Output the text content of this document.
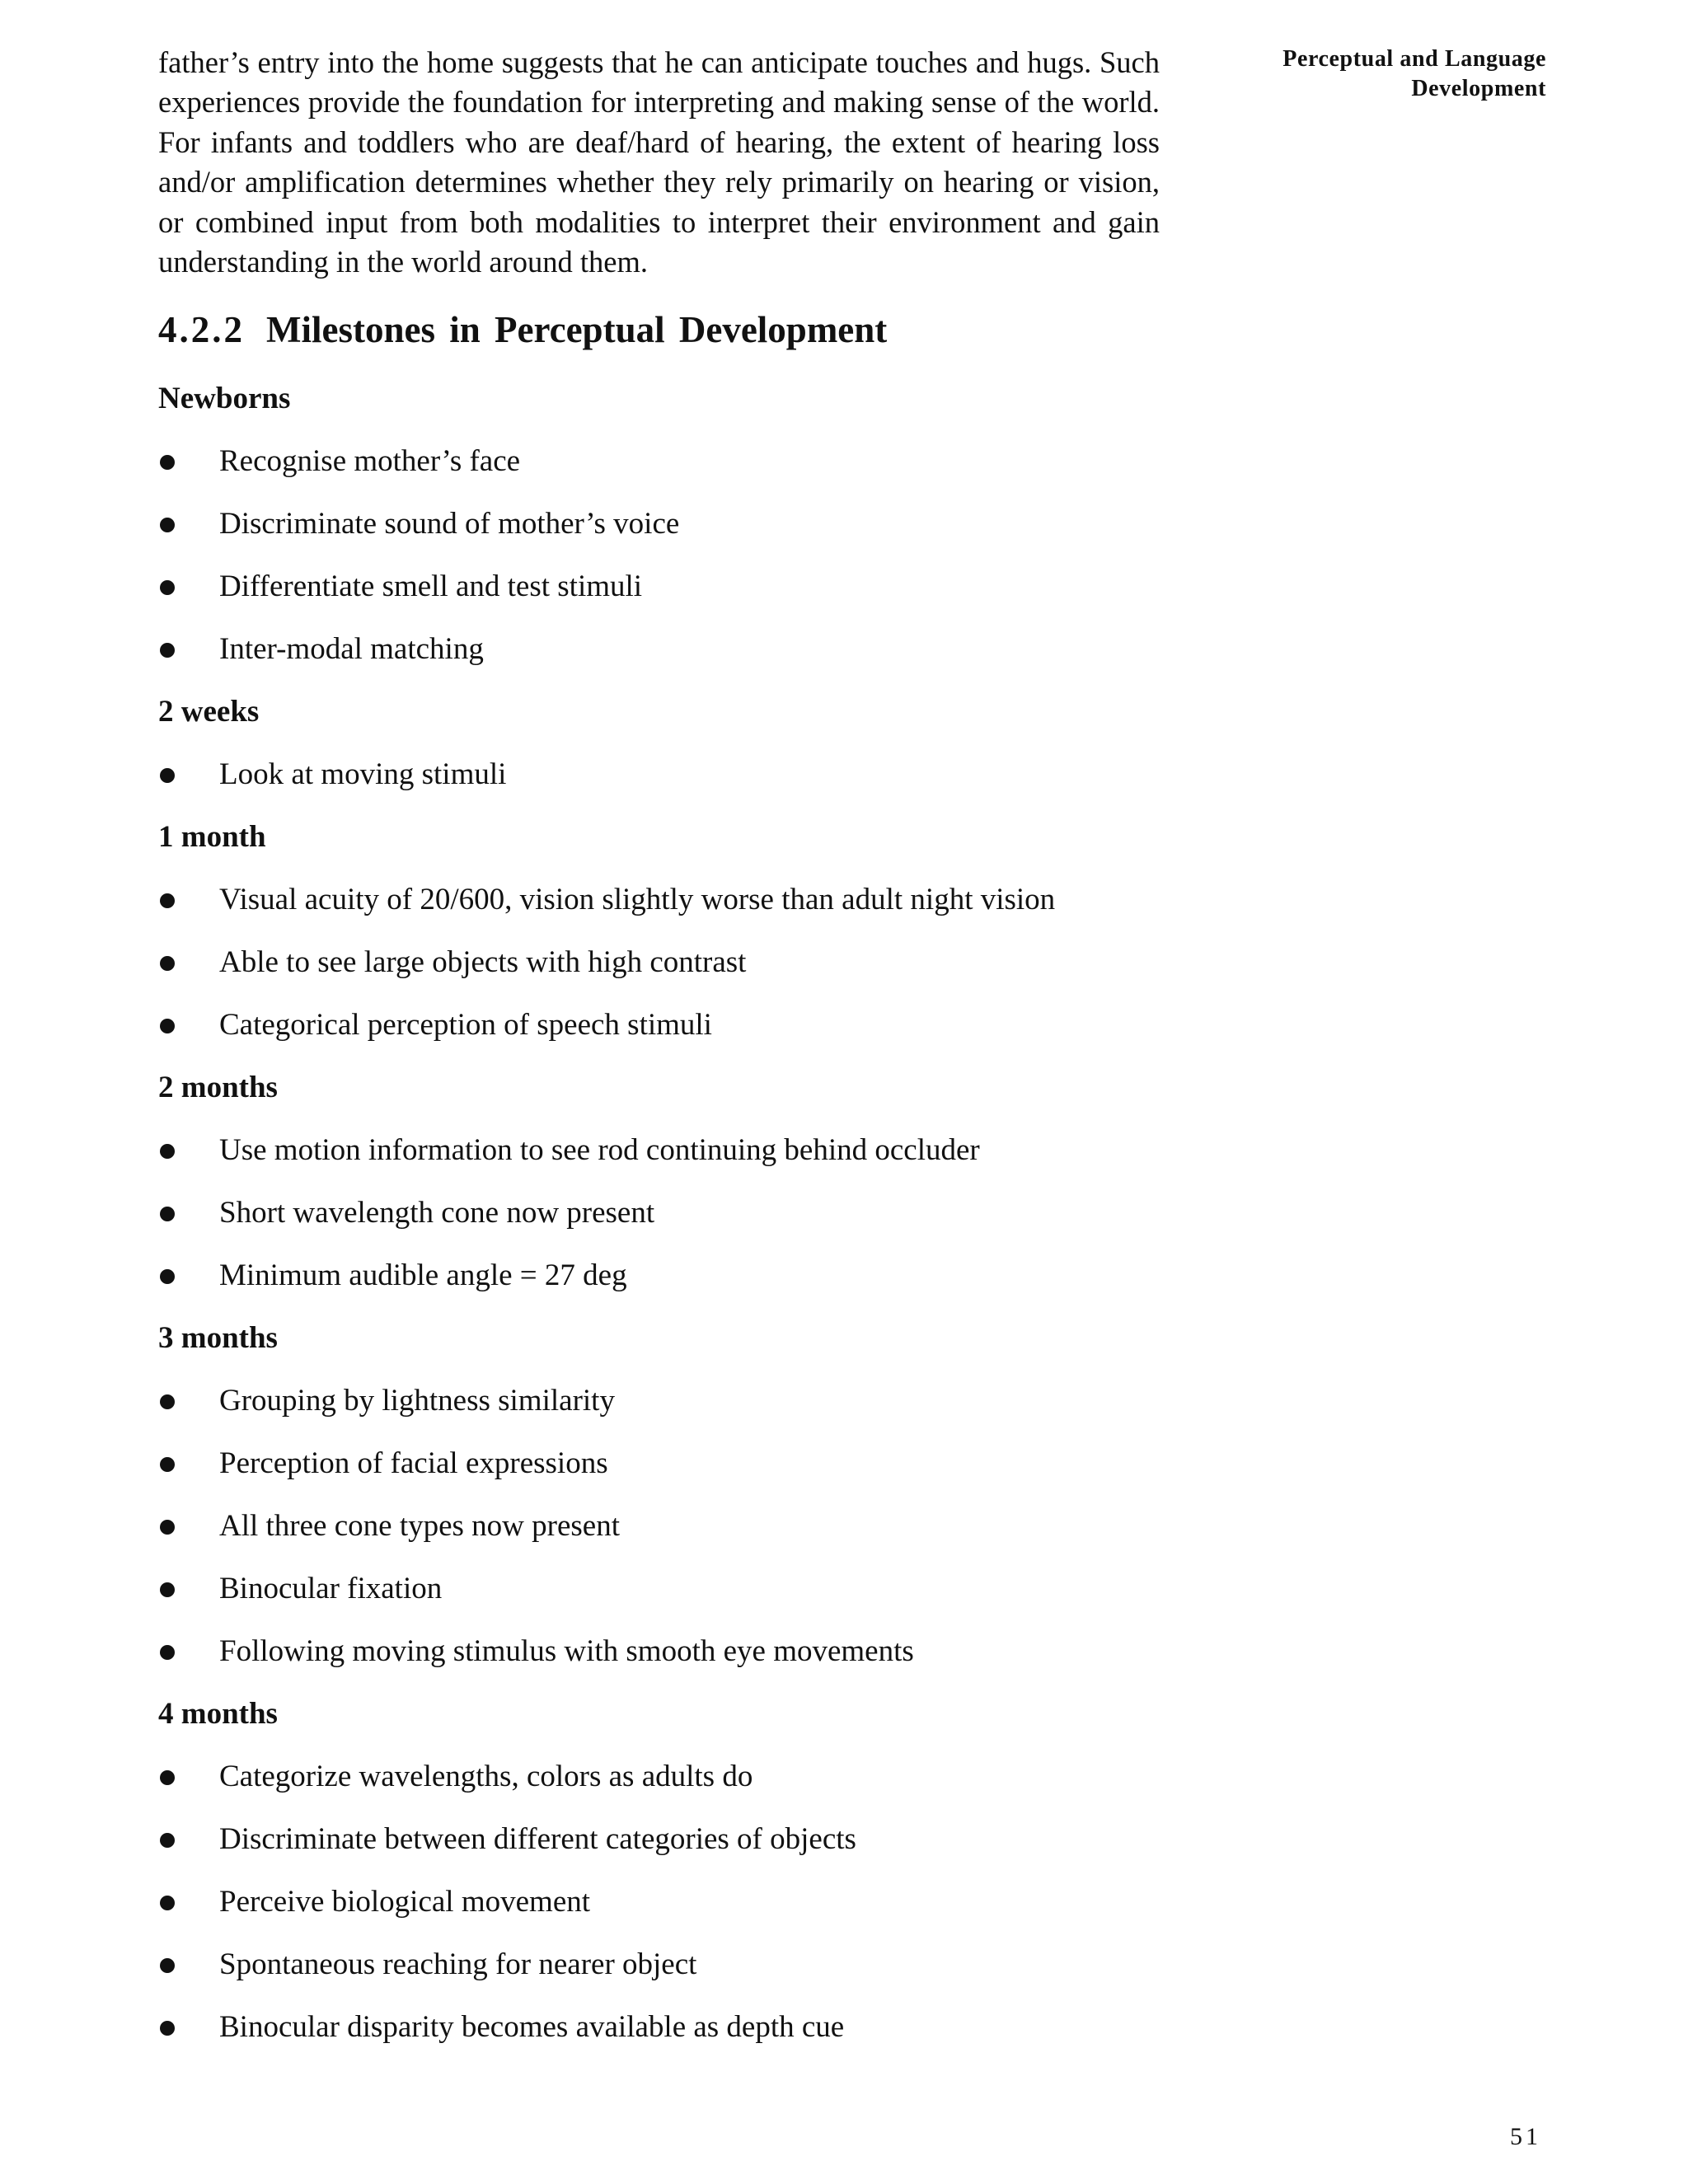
Perceptual and Language
Development

father’s entry into the home suggests that he can anticipate touches and hugs. Such experiences provide the foundation for interpreting and making sense of the world. For infants and toddlers who are deaf/hard of hearing, the extent of hearing loss and/or amplification determines whether they rely primarily on hearing or vision, or combined input from both modalities to interpret their environment and gain understanding in the world around them.

4.2.2 Milestones in Perceptual Development
Newborns
Recognise mother’s face
Discriminate sound of mother’s voice
Differentiate smell and test stimuli
Inter-modal matching
2 weeks
Look at moving stimuli
1 month
Visual acuity of 20/600, vision slightly worse than adult night vision
Able to see large objects with high contrast
Categorical perception of speech stimuli
2 months
Use motion information to see rod continuing behind occluder
Short wavelength cone now present
Minimum audible angle = 27 deg
3 months
Grouping by lightness similarity
Perception of facial expressions
All three cone types now present
Binocular fixation
Following moving stimulus with smooth eye movements
4 months
Categorize wavelengths, colors as adults do
Discriminate between different categories of objects
Perceive biological movement
Spontaneous reaching for nearer object
Binocular disparity becomes available as depth cue
51
